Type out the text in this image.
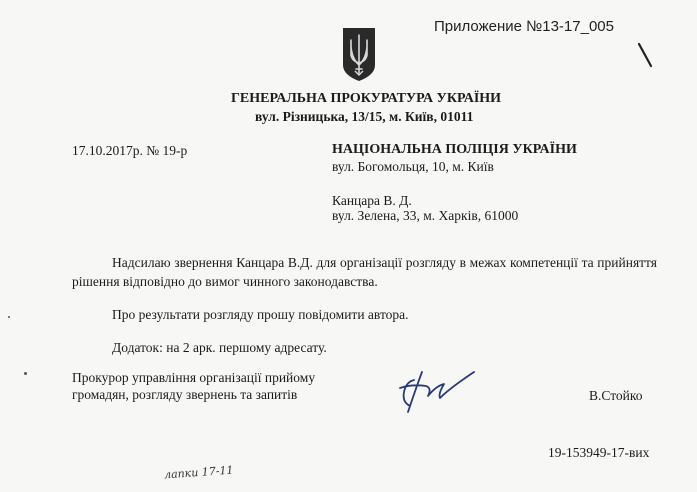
Приложение №13-17_005
ГЕНЕРАЛЬНА ПРОКУРАТУРА УКРАЇНИ
вул. Різницька, 13/15, м. Київ, 01011
17.10.2017р. № 19-р	НАЦІОНАЛЬНА ПОЛІЦІЯ УКРАЇНИ
вул. Богомольця, 10, м. Київ
Канцара В. Д.
вул. Зелена, 33, м. Харків, 61000
Надсилаю звернення Канцара В.Д. для організації розгляду в межах компетенції та прийняття рішення відповідно до вимог чинного законодавства.
Про результати розгляду прошу повідомити автора.
Додаток: на 2 арк. першому адресату.
Прокурор управління організації прийому
громадян, розгляду звернень та запитів	В.Стойко
19-153949-17-вих
лапки 17-11
